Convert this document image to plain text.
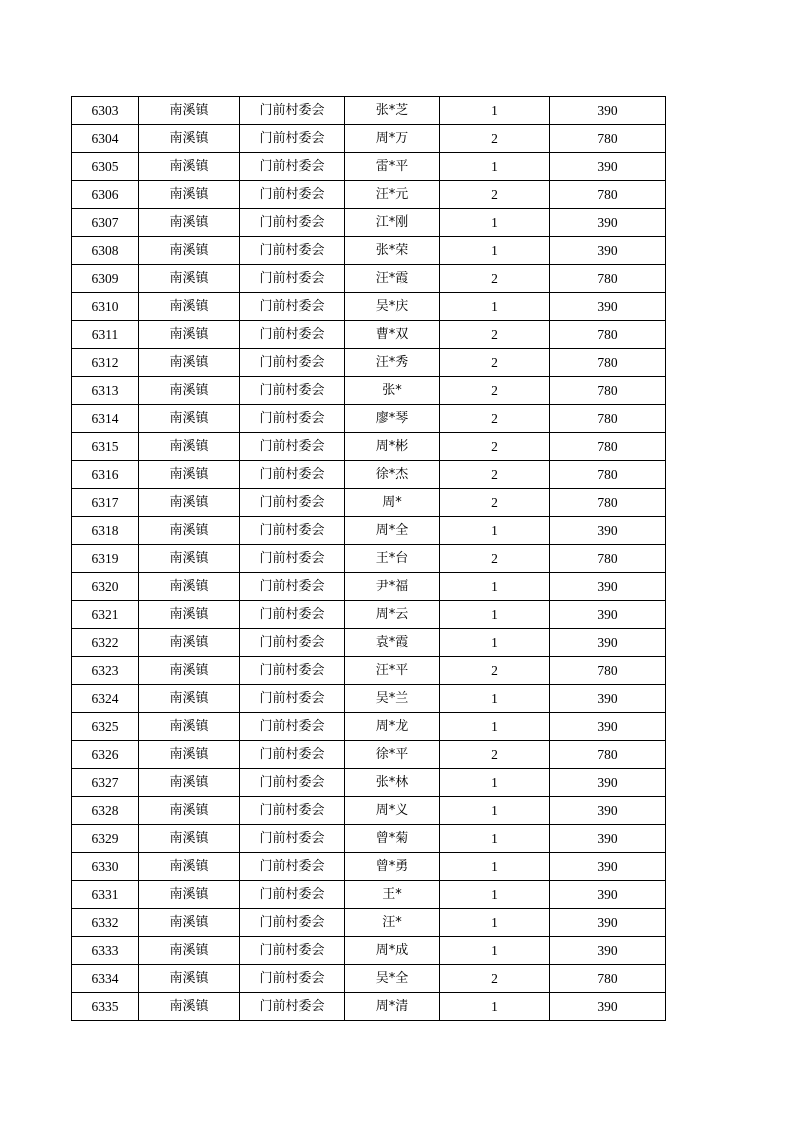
6303	南溪镇	门前村委会	张*芝	1	390
6304	南溪镇	门前村委会	周*万	2	780
6305	南溪镇	门前村委会	雷*平	1	390
6306	南溪镇	门前村委会	汪*元	2	780
6307	南溪镇	门前村委会	江*刚	1	390
6308	南溪镇	门前村委会	张*荣	1	390
6309	南溪镇	门前村委会	汪*霞	2	780
6310	南溪镇	门前村委会	吴*庆	1	390
6311	南溪镇	门前村委会	曹*双	2	780
6312	南溪镇	门前村委会	汪*秀	2	780
6313	南溪镇	门前村委会	张*	2	780
6314	南溪镇	门前村委会	廖*琴	2	780
6315	南溪镇	门前村委会	周*彬	2	780
6316	南溪镇	门前村委会	徐*杰	2	780
6317	南溪镇	门前村委会	周*	2	780
6318	南溪镇	门前村委会	周*全	1	390
6319	南溪镇	门前村委会	王*台	2	780
6320	南溪镇	门前村委会	尹*福	1	390
6321	南溪镇	门前村委会	周*云	1	390
6322	南溪镇	门前村委会	袁*霞	1	390
6323	南溪镇	门前村委会	汪*平	2	780
6324	南溪镇	门前村委会	吴*兰	1	390
6325	南溪镇	门前村委会	周*龙	1	390
6326	南溪镇	门前村委会	徐*平	2	780
6327	南溪镇	门前村委会	张*林	1	390
6328	南溪镇	门前村委会	周*义	1	390
6329	南溪镇	门前村委会	曾*菊	1	390
6330	南溪镇	门前村委会	曾*勇	1	390
6331	南溪镇	门前村委会	王*	1	390
6332	南溪镇	门前村委会	汪*	1	390
6333	南溪镇	门前村委会	周*成	1	390
6334	南溪镇	门前村委会	吴*全	2	780
6335	南溪镇	门前村委会	周*清	1	390
